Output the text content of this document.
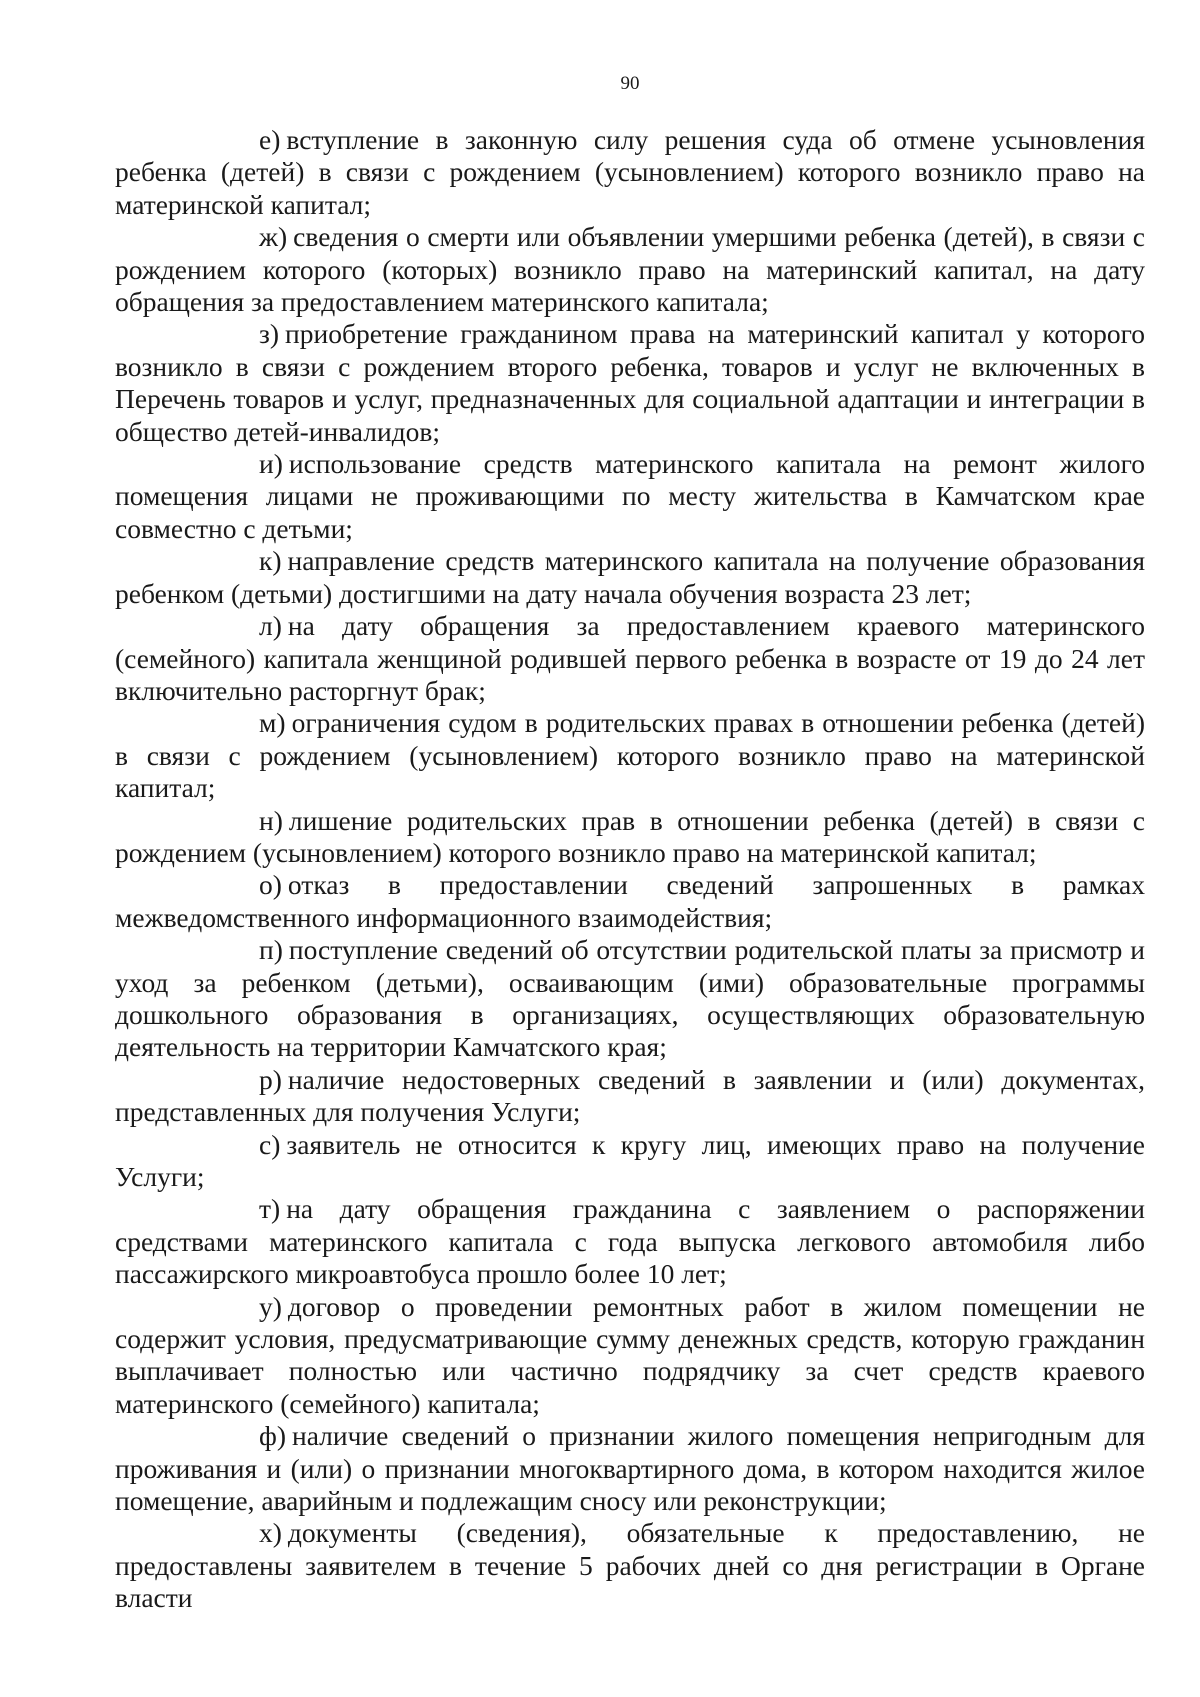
90

е) вступление в законную силу решения суда об отмене усыновления ребенка (детей) в связи с рождением (усыновлением) которого возникло право на материнской капитал;

ж) сведения о смерти или объявлении умершими ребенка (детей), в связи с рождением которого (которых) возникло право на материнский капитал, на дату обращения за предоставлением материнского капитала;

з) приобретение гражданином права на материнский капитал у которого возникло в связи с рождением второго ребенка, товаров и услуг не включенных в Перечень товаров и услуг, предназначенных для социальной адаптации и интеграции в общество детей-инвалидов;

и) использование средств материнского капитала на ремонт жилого помещения лицами не проживающими по месту жительства в Камчатском крае совместно с детьми;

к) направление средств материнского капитала на получение образования ребенком (детьми) достигшими на дату начала обучения возраста 23 лет;

л) на дату обращения за предоставлением краевого материнского (семейного) капитала женщиной родившей первого ребенка в возрасте от 19 до 24 лет включительно расторгнут брак;

м) ограничения судом в родительских правах в отношении ребенка (детей) в связи с рождением (усыновлением) которого возникло право на материнской капитал;

н) лишение родительских прав в отношении ребенка (детей) в связи с рождением (усыновлением) которого возникло право на материнской капитал;

о) отказ в предоставлении сведений запрошенных в рамках межведомственного информационного взаимодействия;

п) поступление сведений об отсутствии родительской платы за присмотр и уход за ребенком (детьми), осваивающим (ими) образовательные программы дошкольного образования в организациях, осуществляющих образовательную деятельность на территории Камчатского края;

р) наличие недостоверных сведений в заявлении и (или) документах, представленных для получения Услуги;

с) заявитель не относится к кругу лиц, имеющих право на получение Услуги;

т) на дату обращения гражданина с заявлением о распоряжении средствами материнского капитала с года выпуска легкового автомобиля либо пассажирского микроавтобуса прошло более 10 лет;

у) договор о проведении ремонтных работ в жилом помещении не содержит условия, предусматривающие сумму денежных средств, которую гражданин выплачивает полностью или частично подрядчику за счет средств краевого материнского (семейного) капитала;

ф) наличие сведений о признании жилого помещения непригодным для проживания и (или) о признании многоквартирного дома, в котором находится жилое помещение, аварийным и подлежащим сносу или реконструкции;

х) документы (сведения), обязательные к предоставлению, не предоставлены заявителем в течение 5 рабочих дней со дня регистрации в Органе власти
